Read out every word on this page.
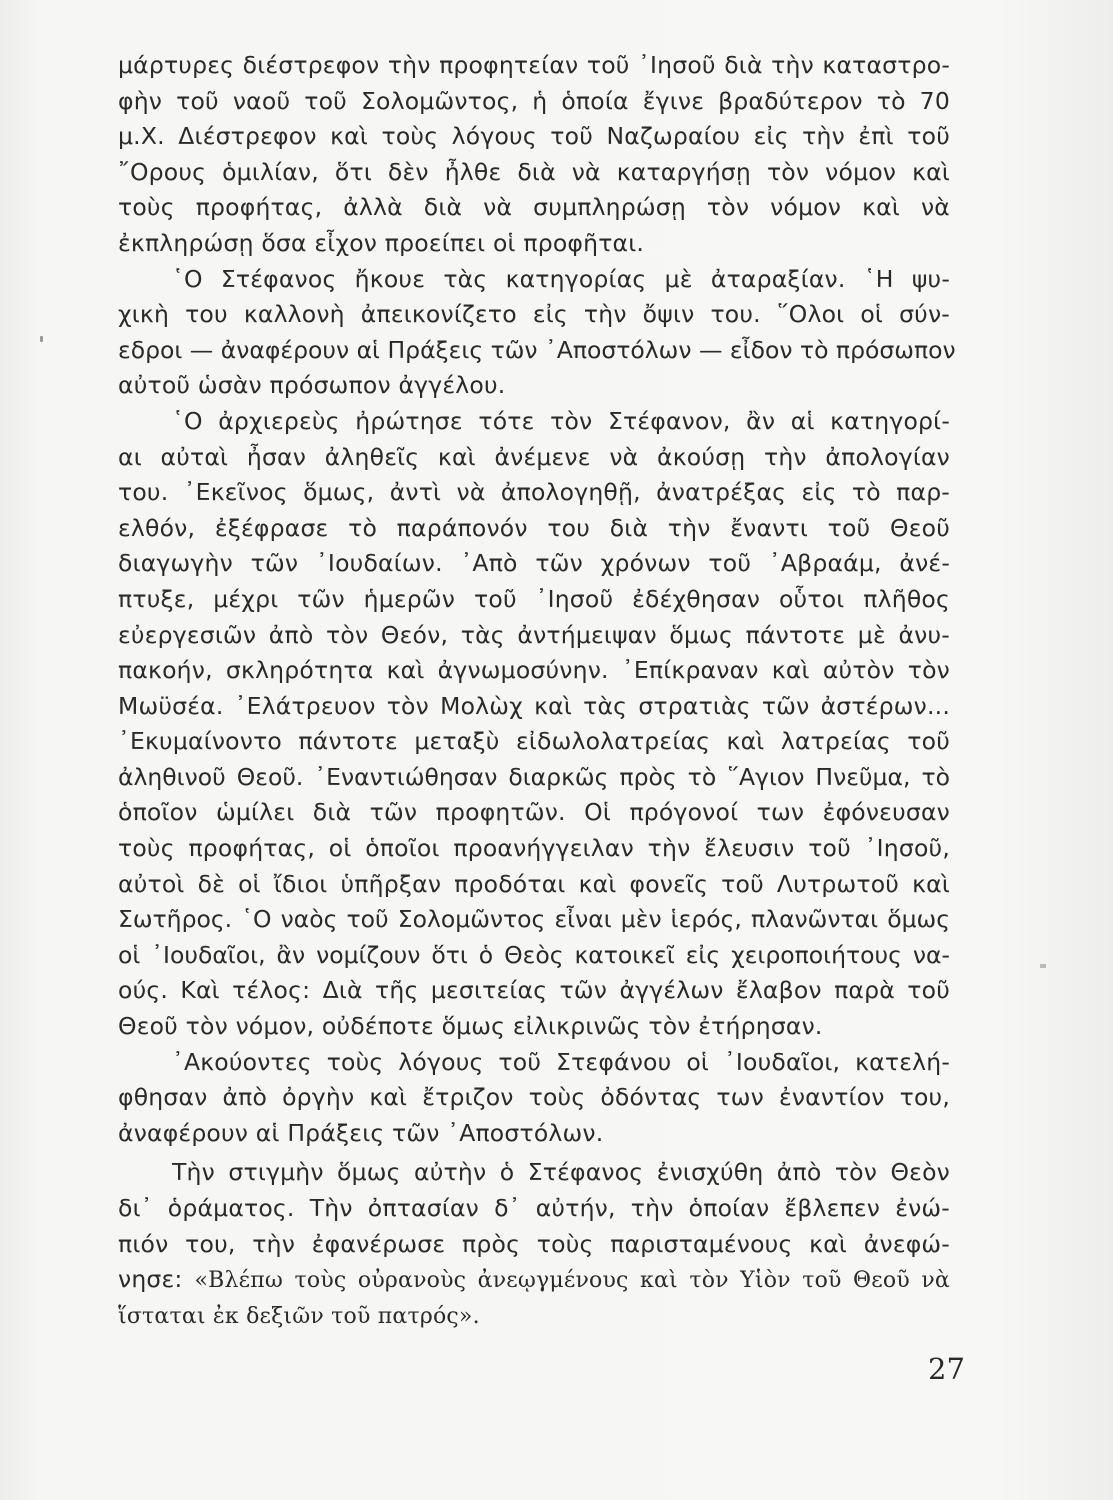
μάρτυρες διέστρεφον τὴν προφητείαν τοῦ ᾿Ιησοῦ διὰ τὴν καταστρο-
φὴν τοῦ ναοῦ τοῦ Σολομῶντος, ἡ ὁποία ἔγινε βραδύτερον τὸ 70
μ.Χ. Διέστρεφον καὶ τοὺς λόγους τοῦ Ναζωραίου εἰς τὴν ἐπὶ τοῦ
῎Ορους ὁμιλίαν, ὅτι δὲν ἦλθε διὰ νὰ καταργήσῃ τὸν νόμον καὶ
τοὺς προφήτας, ἀλλὰ διὰ νὰ συμπληρώσῃ τὸν νόμον καὶ νὰ
ἐκπληρώσῃ ὅσα εἶχον προείπει οἱ προφῆται.
῾Ο Στέφανος ἤκουε τὰς κατηγορίας μὲ ἀταραξίαν. ῾Η ψυ-
χικὴ του καλλονὴ ἀπεικονίζετο εἰς τὴν ὄψιν του. ῞Ολοι οἱ σύν-
εδροι — ἀναφέρουν αἱ Πράξεις τῶν ᾿Αποστόλων — εἶδον τὸ πρόσωπον
αὐτοῦ ὡσὰν πρόσωπον ἀγγέλου.
῾Ο ἀρχιερεὺς ἠρώτησε τότε τὸν Στέφανον, ἂν αἱ κατηγορί-
αι αὐταὶ ἦσαν ἀληθεῖς καὶ ἀνέμενε νὰ ἀκούσῃ τὴν ἀπολογίαν
του. ᾿Εκεῖνος ὅμως, ἀντὶ νὰ ἀπολογηθῇ, ἀνατρέξας εἰς τὸ παρ-
ελθόν, ἐξέφρασε τὸ παράπονόν του διὰ τὴν ἔναντι τοῦ Θεοῦ
διαγωγὴν τῶν ᾿Ιουδαίων. ᾿Απὸ τῶν χρόνων τοῦ ᾿Αβραάμ, ἀνέ-
πτυξε, μέχρι τῶν ἡμερῶν τοῦ ᾿Ιησοῦ ἐδέχθησαν οὗτοι πλῆθος
εὐεργεσιῶν ἀπὸ τὸν Θεόν, τὰς ἀντήμειψαν ὅμως πάντοτε μὲ ἀνυ-
πακοήν, σκληρότητα καὶ ἀγνωμοσύνην. ᾿Επίκραναν καὶ αὐτὸν τὸν
Μωϋσέα. ᾿Ελάτρευον τὸν Μολὼχ καὶ τὰς στρατιὰς τῶν ἀστέρων...
᾿Εκυμαίνοντο πάντοτε μεταξὺ εἰδωλολατρείας καὶ λατρείας τοῦ
ἀληθινοῦ Θεοῦ. ᾿Εναντιώθησαν διαρκῶς πρὸς τὸ ῞Αγιον Πνεῦμα, τὸ
ὁποῖον ὡμίλει διὰ τῶν προφητῶν. Οἱ πρόγονοί των ἐφόνευσαν
τοὺς προφήτας, οἱ ὁποῖοι προανήγγειλαν τὴν ἔλευσιν τοῦ ᾿Ιησοῦ,
αὐτοὶ δὲ οἱ ἴδιοι ὑπῆρξαν προδόται καὶ φονεῖς τοῦ Λυτρωτοῦ καὶ
Σωτῆρος. ῾Ο ναὸς τοῦ Σολομῶντος εἶναι μὲν ἱερός, πλανῶνται ὅμως
οἱ ᾿Ιουδαῖοι, ἂν νομίζουν ὅτι ὁ Θεὸς κατοικεῖ εἰς χειροποιήτους να-
ούς. Καὶ τέλος: Διὰ τῆς μεσιτείας τῶν ἀγγέλων ἔλαβον παρὰ τοῦ
Θεοῦ τὸν νόμον, οὐδέποτε ὅμως εἰλικρινῶς τὸν ἐτήρησαν.
᾿Ακούοντες τοὺς λόγους τοῦ Στεφάνου οἱ ᾿Ιουδαῖοι, κατελή-
φθησαν ἀπὸ ὀργὴν καὶ ἔτριζον τοὺς ὀδόντας των ἐναντίον του,
ἀναφέρουν αἱ Πράξεις τῶν ᾿Αποστόλων.
Τὴν στιγμὴν ὅμως αὐτὴν ὁ Στέφανος ἐνισχύθη ἀπὸ τὸν Θεὸν
δι᾿ ὁράματος. Τὴν ὀπτασίαν δ᾿ αὐτήν, τὴν ὁποίαν ἔβλεπεν ἐνώ-
πιόν του, τὴν ἐφανέρωσε πρὸς τοὺς παρισταμένους καὶ ἀνεφώ-
νησε: «Βλέπω τοὺς οὐρανοὺς ἀνεῳγμένους καὶ τὸν Υἱὸν τοῦ Θεοῦ νὰ
ἵσταται ἐκ δεξιῶν τοῦ πατρός».
27
